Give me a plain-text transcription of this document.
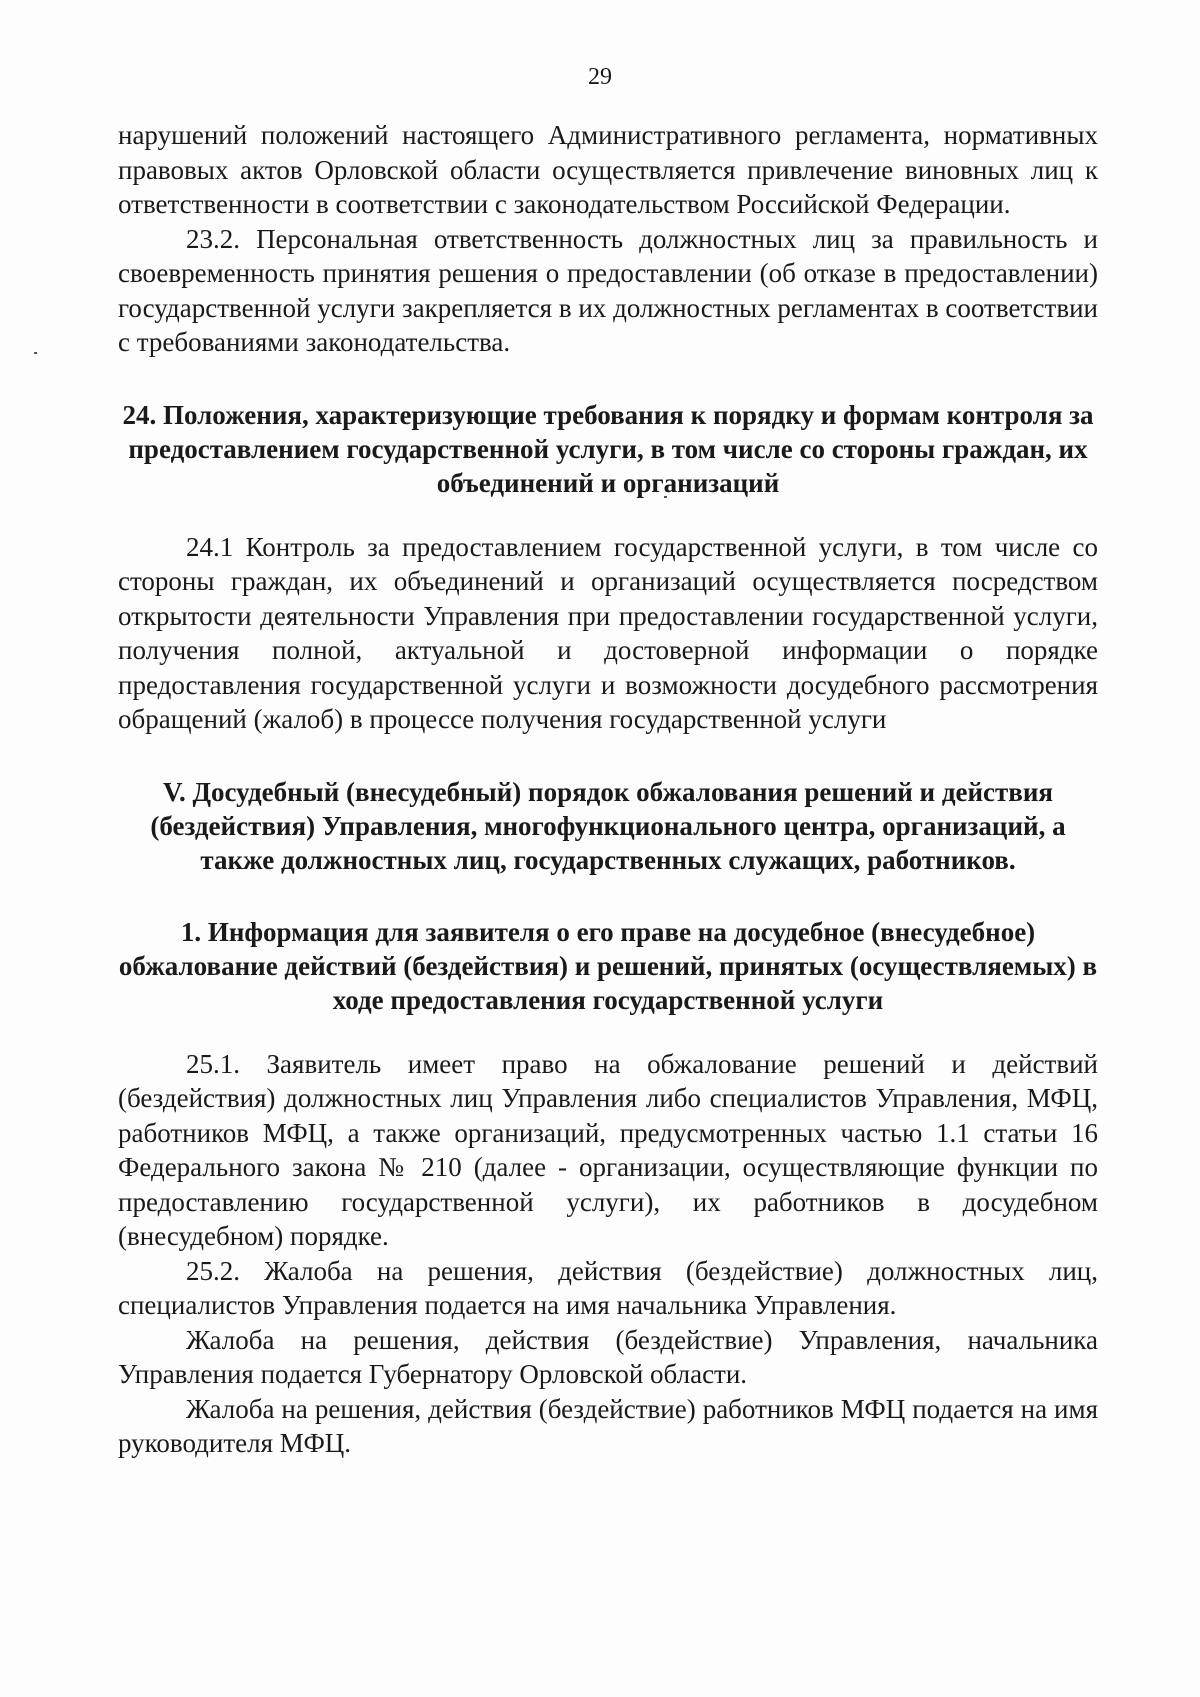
29

нарушений положений настоящего Административного регламента, нормативных правовых актов Орловской области осуществляется привлечение виновных лиц к ответственности в соответствии с законодательством Российской Федерации.

23.2. Персональная ответственность должностных лиц за правильность и своевременность принятия решения о предоставлении (об отказе в предоставлении) государственной услуги закрепляется в их должностных регламентах в соответствии с требованиями законодательства.

24. Положения, характеризующие требования к порядку и формам контроля за предоставлением государственной услуги, в том числе со стороны граждан, их объединений и организаций

24.1 Контроль за предоставлением государственной услуги, в том числе со стороны граждан, их объединений и организаций осуществляется посредством открытости деятельности Управления при предоставлении государственной услуги, получения полной, актуальной и достоверной информации о порядке предоставления государственной услуги и возможности досудебного рассмотрения обращений (жалоб) в процессе получения государственной услуги

V. Досудебный (внесудебный) порядок обжалования решений и действия (бездействия) Управления, многофункционального центра, организаций, а также должностных лиц, государственных служащих, работников.

1. Информация для заявителя о его праве на досудебное (внесудебное) обжалование действий (бездействия) и решений, принятых (осуществляемых) в ходе предоставления государственной услуги

25.1. Заявитель имеет право на обжалование решений и действий (бездействия) должностных лиц Управления либо специалистов Управления, МФЦ, работников МФЦ, а также организаций, предусмотренных частью 1.1 статьи 16 Федерального закона № 210 (далее - организации, осуществляющие функции по предоставлению государственной услуги), их работников в досудебном (внесудебном) порядке.

25.2. Жалоба на решения, действия (бездействие) должностных лиц, специалистов Управления подается на имя начальника Управления.

Жалоба на решения, действия (бездействие) Управления, начальника Управления подается Губернатору Орловской области.

Жалоба на решения, действия (бездействие) работников МФЦ подается на имя руководителя МФЦ.
